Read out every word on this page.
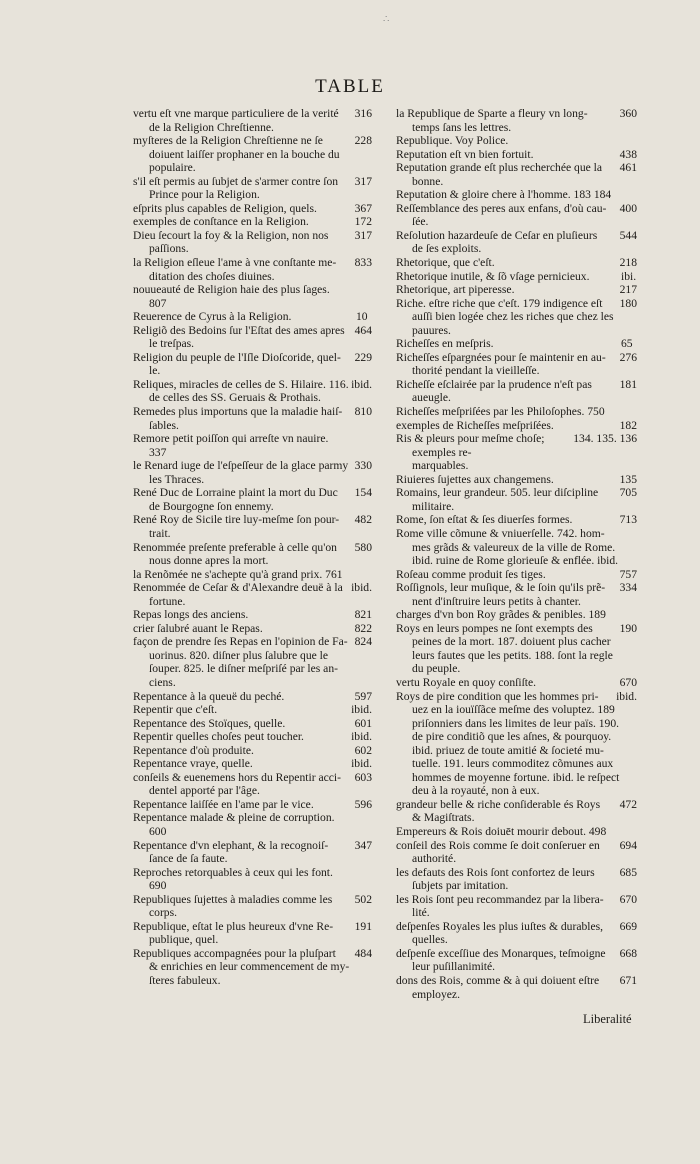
∴
TABLE
316
vertu eſt vne marque particuliere de la verité
de la Religion Chreſtienne.
228
myſteres de la Religion Chreſtienne ne ſe
doiuent laiſſer prophaner en la bouche du
populaire.
317
s'il eſt permis au ſubjet de s'armer contre ſon
Prince pour la Religion.
367
eſprits plus capables de Religion, quels.
172
exemples de conſtance en la Religion.
317
Dieu ſecourt la foy & la Religion, non nos
paſſions.
833
la Religion eſleue l'ame à vne conſtante me-
ditation des choſes diuines.
nouueauté de Religion haie des plus ſages.
807
10
Reuerence de Cyrus à la Religion.
464
Religiõ des Bedoins ſur l'Eſtat des ames apres
le treſpas.
229
Religion du peuple de l'Iſle Dioſcoride, quel-
le.
ibid.
Reliques, miracles de celles de S. Hilaire. 116.
de celles des SS. Geruais & Prothais.
810
Remedes plus importuns que la maladie haiſ-
ſables.
Remore petit poiſſon qui arreſte vn nauire.
337
330
le Renard iuge de l'eſpeſſeur de la glace parmy
les Thraces.
154
René Duc de Lorraine plaint la mort du Duc
de Bourgogne ſon ennemy.
482
René Roy de Sicile tire luy-meſme ſon pour-
trait.
580
Renommée preſente preferable à celle qu'on
nous donne apres la mort.
la Renõmée ne s'achepte qu'à grand prix. 761
ibid.
Renommée de Ceſar & d'Alexandre deuë à la
fortune.
821
Repas longs des anciens.
822
crier ſalubré auant le Repas.
824
façon de prendre ſes Repas en l'opinion de Fa-
uorinus. 820. diſner plus ſalubre que le
ſouper. 825. le diſner meſpriſé par les an-
ciens.
597
Repentance à la queuë du peché.
ibid.
Repentir que c'eſt.
601
Repentance des Stoïques, quelle.
ibid.
Repentir quelles choſes peut toucher.
602
Repentance d'où produite.
ibid.
Repentance vraye, quelle.
603
conſeils & euenemens hors du Repentir acci-
dentel apporté par l'âge.
596
Repentance laiſſée en l'ame par le vice.
Repentance malade & pleine de corruption.
600
347
Repentance d'vn elephant, & la recognoiſ-
ſance de ſa faute.
Reproches retorquables à ceux qui les font.
690
502
Republiques ſujettes à maladies comme les
corps.
191
Republique, eſtat le plus heureux d'vne Re-
publique, quel.
484
Republiques accompagnées pour la pluſpart
& enrichies en leur commencement de my-
ſteres fabuleux.
360
la Republique de Sparte a fleury vn long-
temps ſans les lettres.
Republique. Voy Police.
438
Reputation eſt vn bien fortuit.
461
Reputation grande eſt plus recherchée que la
bonne.
Reputation & gloire chere à l'homme. 183 184
400
Reſſemblance des peres aux enfans, d'où cau-
ſée.
544
Reſolution hazardeuſe de Ceſar en pluſieurs
de ſes exploits.
218
Rhetorique, que c'eſt.
ibi.
Rhetorique inutile, & ſõ vſage pernicieux.
217
Rhetorique, art piperesse.
180
Riche. eſtre riche que c'eſt. 179 indigence eſt
auſſi bien logée chez les riches que chez les
pauures.
65
Richeſſes en meſpris.
276
Richeſſes eſpargnées pour ſe maintenir en au-
thorité pendant la vieilleſſe.
181
Richeſſe eſclairée par la prudence n'eſt pas
aueugle.
Richeſſes meſpriſées par les Philoſophes. 750
182
exemples de Richeſſes meſpriſées.
134. 135. 136
Ris & pleurs pour meſme choſe; exemples re-
marquables.
135
Riuieres ſujettes aux changemens.
705
Romains, leur grandeur. 505. leur diſcipline
militaire.
713
Rome, ſon eſtat & ſes diuerſes formes.
Rome ville cõmune & vniuerſelle. 742. hom-
mes grãds & valeureux de la ville de Rome.
ibid. ruine de Rome glorieuſe & enflée. ibid.
757
Roſeau comme produit ſes tiges.
334
Roſſignols, leur muſique, & le ſoin qu'ils prẽ-
nent d'inſtruire leurs petits à chanter.
charges d'vn bon Roy grãdes & penibles. 189
190
Roys en leurs pompes ne ſont exempts des
peines de la mort. 187. doiuent plus cacher
leurs fautes que les petits. 188. ſont la regle
du peuple.
670
vertu Royale en quoy conſiſte.
ibid.
Roys de pire condition que les hommes pri-
uez en la iouïſſãce meſme des voluptez. 189
priſonniers dans les limites de leur païs. 190.
de pire conditiõ que les aſnes, & pourquoy.
ibid. priuez de toute amitié & ſocieté mu-
tuelle. 191. leurs commoditez cõmunes aux
hommes de moyenne fortune. ibid. le reſpect
deu à la royauté, non à eux.
472
grandeur belle & riche conſiderable és Roys
& Magiſtrats.
Empereurs & Rois doiuēt mourir debout. 498
694
conſeil des Rois comme ſe doit conſeruer en
authorité.
685
les defauts des Rois ſont confortez de leurs
ſubjets par imitation.
670
les Rois ſont peu recommandez par la libera-
lité.
669
deſpenſes Royales les plus iuſtes & durables,
quelles.
668
deſpenſe exceſſiue des Monarques, teſmoigne
leur puſillanimité.
671
dons des Rois, comme & à qui doiuent eſtre
employez.
Liberalité
